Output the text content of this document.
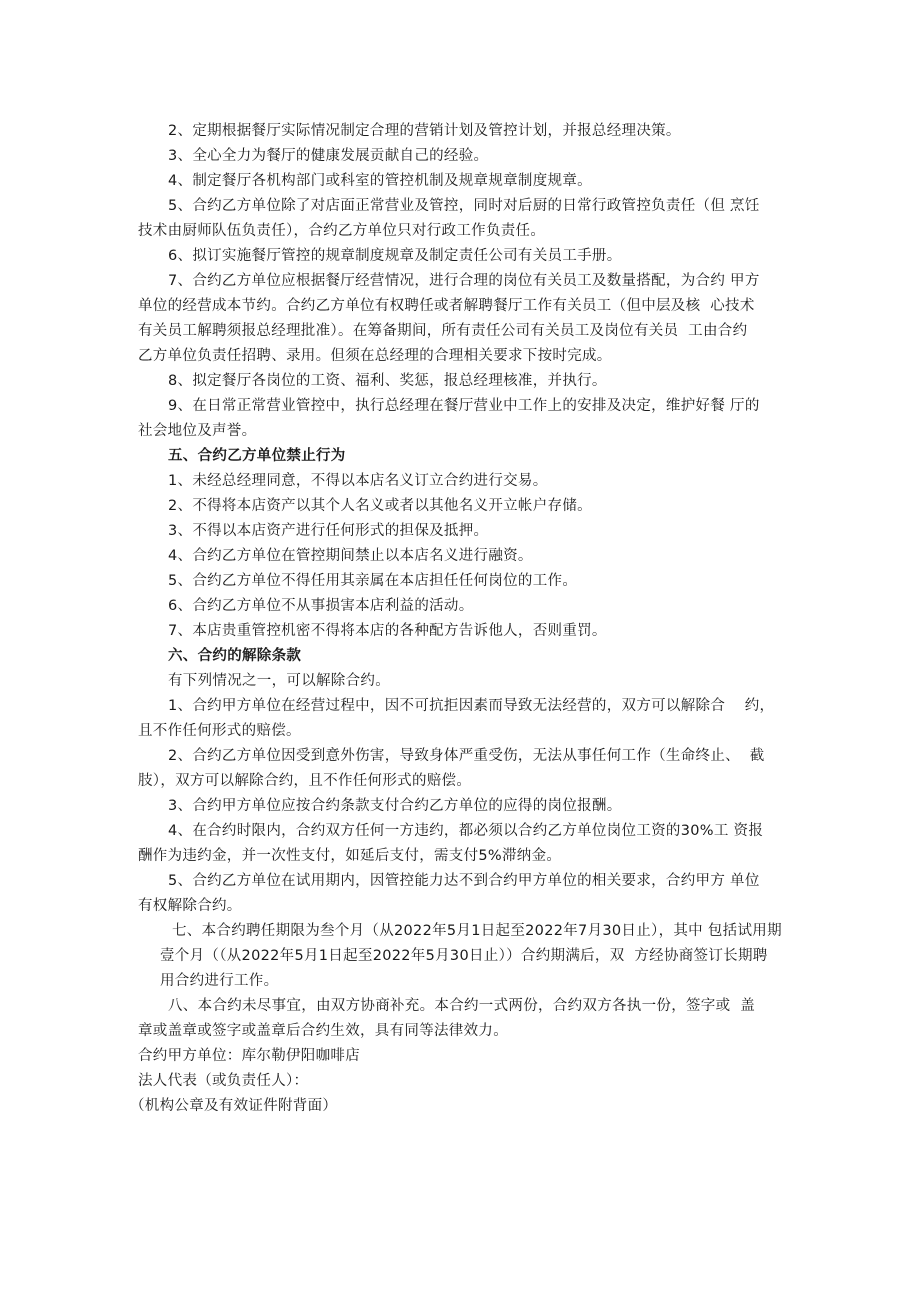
2、定期根据餐厅实际情况制定合理的营销计划及管控计划，并报总经理决策。
3、全心全力为餐厅的健康发展贡献自己的经验。
4、制定餐厅各机构部门或科室的管控机制及规章规章制度规章。
5、合约乙方单位除了对店面正常营业及管控，同时对后厨的日常行政管控负责任（但 烹饪
技术由厨师队伍负责任），合约乙方单位只对行政工作负责任。
6、拟订实施餐厅管控的规章制度规章及制定责任公司有关员工手册。
7、合约乙方单位应根据餐厅经营情况，进行合理的岗位有关员工及数量搭配，为合约 甲方
单位的经营成本节约。合约乙方单位有权聘任或者解聘餐厅工作有关员工（但中层及核  心技术
有关员工解聘须报总经理批准）。在筹备期间，所有责任公司有关员工及岗位有关员  工由合约
乙方单位负责任招聘、录用。但须在总经理的合理相关要求下按时完成。
8、拟定餐厅各岗位的工资、福利、奖惩，报总经理核准，并执行。
9、在日常正常营业管控中，执行总经理在餐厅营业中工作上的安排及决定，维护好餐 厅的
社会地位及声誉。
五、合约乙方单位禁止行为
1、未经总经理同意，不得以本店名义订立合约进行交易。
2、不得将本店资产以其个人名义或者以其他名义开立帐户存储。
3、不得以本店资产进行任何形式的担保及抵押。
4、合约乙方单位在管控期间禁止以本店名义进行融资。
5、合约乙方单位不得任用其亲属在本店担任任何岗位的工作。
6、合约乙方单位不从事损害本店利益的活动。
7、本店贵重管控机密不得将本店的各种配方告诉他人，否则重罚。
六、合约的解除条款
有下列情况之一，可以解除合约。
1、合约甲方单位在经营过程中，因不可抗拒因素而导致无法经营的，双方可以解除合    约，
且不作任何形式的赔偿。
2、合约乙方单位因受到意外伤害，导致身体严重受伤，无法从事任何工作（生命终止、  截
肢），双方可以解除合约，且不作任何形式的赔偿。
3、合约甲方单位应按合约条款支付合约乙方单位的应得的岗位报酬。
4、在合约时限内，合约双方任何一方违约，都必须以合约乙方单位岗位工资的30%工 资报
酬作为违约金，并一次性支付，如延后支付，需支付5%滞纳金。
5、合约乙方单位在试用期内，因管控能力达不到合约甲方单位的相关要求，合约甲方 单位
有权解除合约。
七、本合约聘任期限为叁个月（从2022年5月1日起至2022年7月30日止），其中 包括试用期
壹个月（（从2022年5月1日起至2022年5月30日止））合约期满后，双  方经协商签订长期聘
用合约进行工作。
八、本合约未尽事宜，由双方协商补充。本合约一式两份，合约双方各执一份，签字或  盖
章或盖章或签字或盖章后合约生效，具有同等法律效力。
合约甲方单位：库尔勒伊阳咖啡店
法人代表（或负责任人）：
（机构公章及有效证件附背面）
